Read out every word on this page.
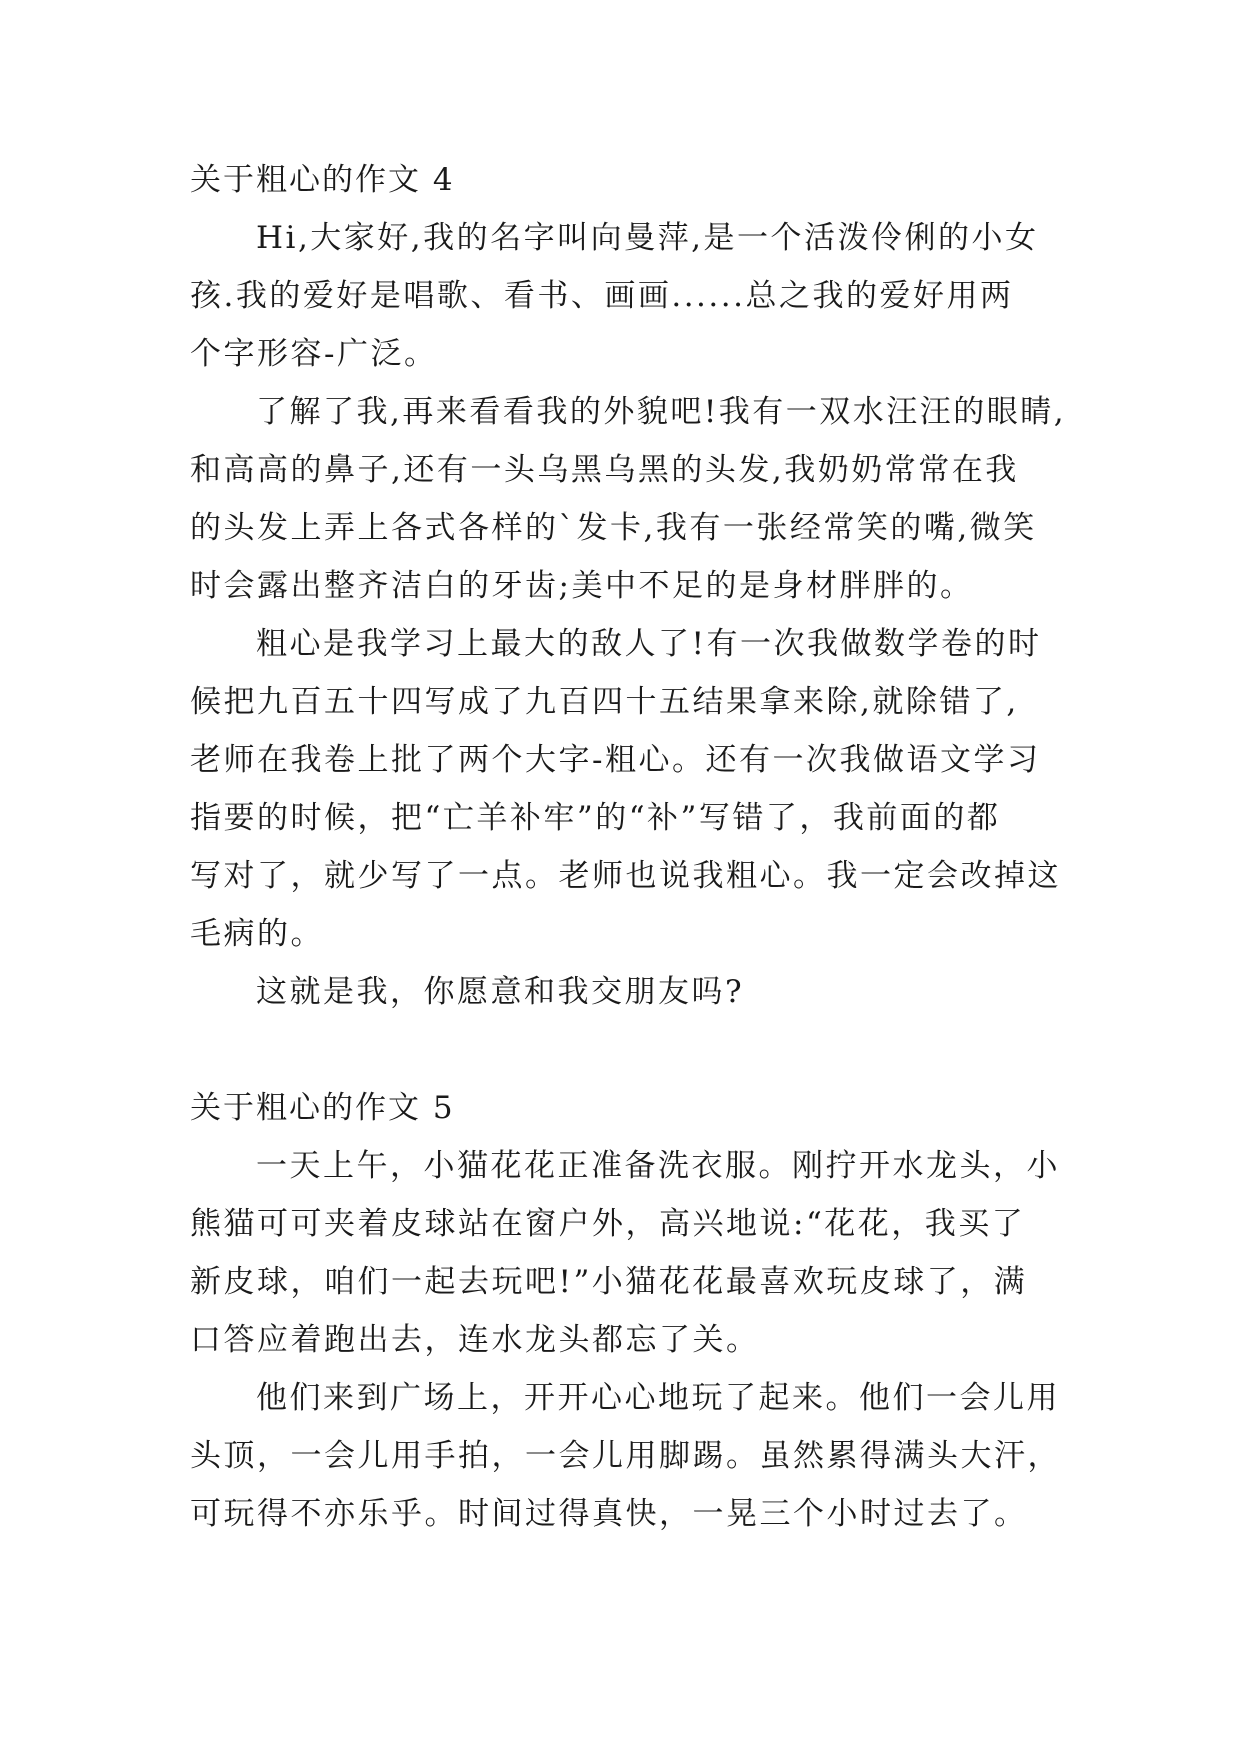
关于粗心的作文 4
Hi,大家好,我的名字叫向曼萍,是一个活泼伶俐的小女
孩.我的爱好是唱歌、看书、画画......总之我的爱好用两
个字形容-广泛。
了解了我,再来看看我的外貌吧!我有一双水汪汪的眼睛,
和高高的鼻子,还有一头乌黑乌黑的头发,我奶奶常常在我
的头发上弄上各式各样的`发卡,我有一张经常笑的嘴,微笑
时会露出整齐洁白的牙齿;美中不足的是身材胖胖的。
粗心是我学习上最大的敌人了!有一次我做数学卷的时
候把九百五十四写成了九百四十五结果拿来除,就除错了,
老师在我卷上批了两个大字-粗心。还有一次我做语文学习
指要的时候，把“亡羊补牢”的“补”写错了，我前面的都
写对了，就少写了一点。老师也说我粗心。我一定会改掉这
毛病的。
这就是我，你愿意和我交朋友吗?
关于粗心的作文 5
一天上午，小猫花花正准备洗衣服。刚拧开水龙头，小
熊猫可可夹着皮球站在窗户外，高兴地说:“花花，我买了
新皮球，咱们一起去玩吧!”小猫花花最喜欢玩皮球了，满
口答应着跑出去，连水龙头都忘了关。
他们来到广场上，开开心心地玩了起来。他们一会儿用
头顶，一会儿用手拍，一会儿用脚踢。虽然累得满头大汗，
可玩得不亦乐乎。时间过得真快，一晃三个小时过去了。
